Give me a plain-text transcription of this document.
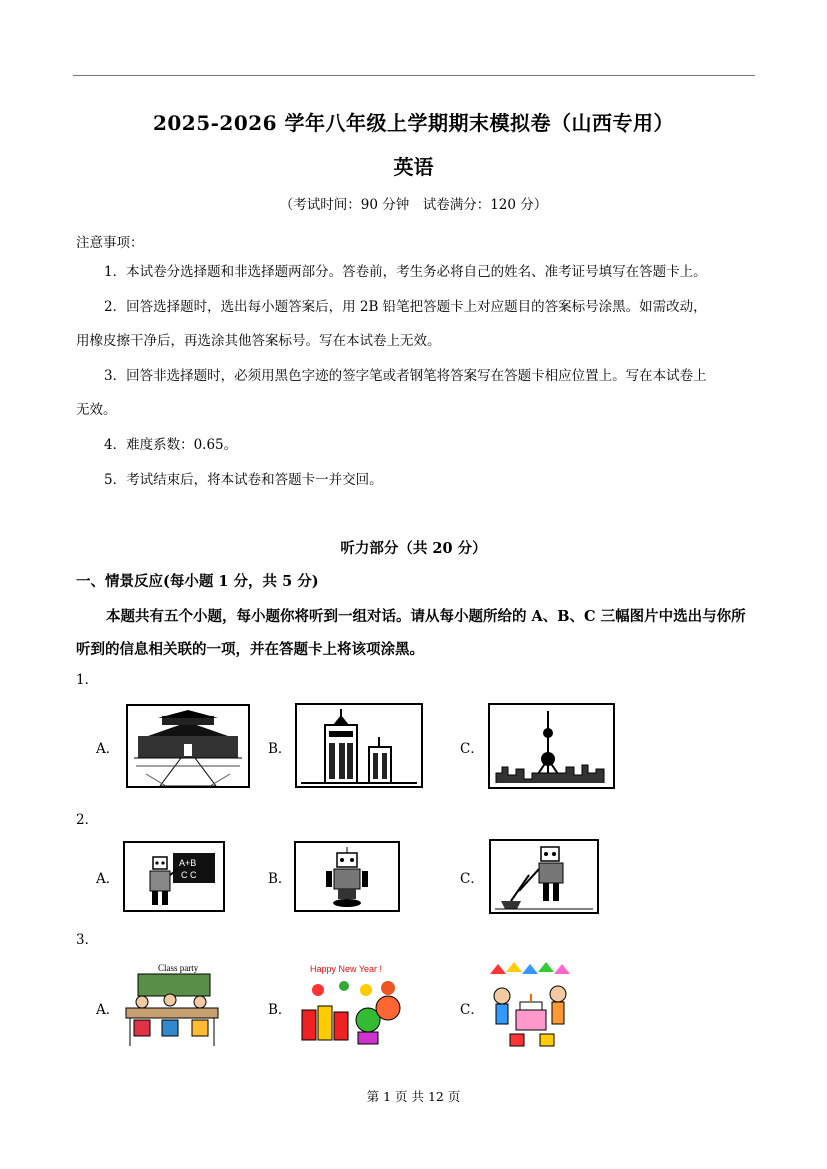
2025-2026 学年八年级上学期期末模拟卷（山西专用）
英语
（考试时间：90 分钟　试卷满分：120 分）
注意事项：
1．本试卷分选择题和非选择题两部分。答卷前，考生务必将自己的姓名、准考证号填写在答题卡上。
2．回答选择题时，选出每小题答案后，用 2B 铅笔把答题卡上对应题目的答案标号涂黑。如需改动，
用橡皮擦干净后，再选涂其他答案标号。写在本试卷上无效。
3．回答非选择题时，必须用黑色字迹的签字笔或者钢笔将答案写在答题卡相应位置上。写在本试卷上
无效。
4．难度系数：0.65。
5．考试结束后，将本试卷和答题卡一并交回。
听力部分（共 20 分）
一、情景反应(每小题 1 分，共 5 分)
本题共有五个小题，每小题你将听到一组对话。请从每小题所给的 A、B、C 三幅图片中选出与你所听到的信息相关联的一项，并在答题卡上将该项涂黑。
1．
A．	B．	C．
2．
A．
A+B
C C	B．	C．
3．
A．
Class party
B．
Happy New Year !
C．
第 1 页 共 12 页
